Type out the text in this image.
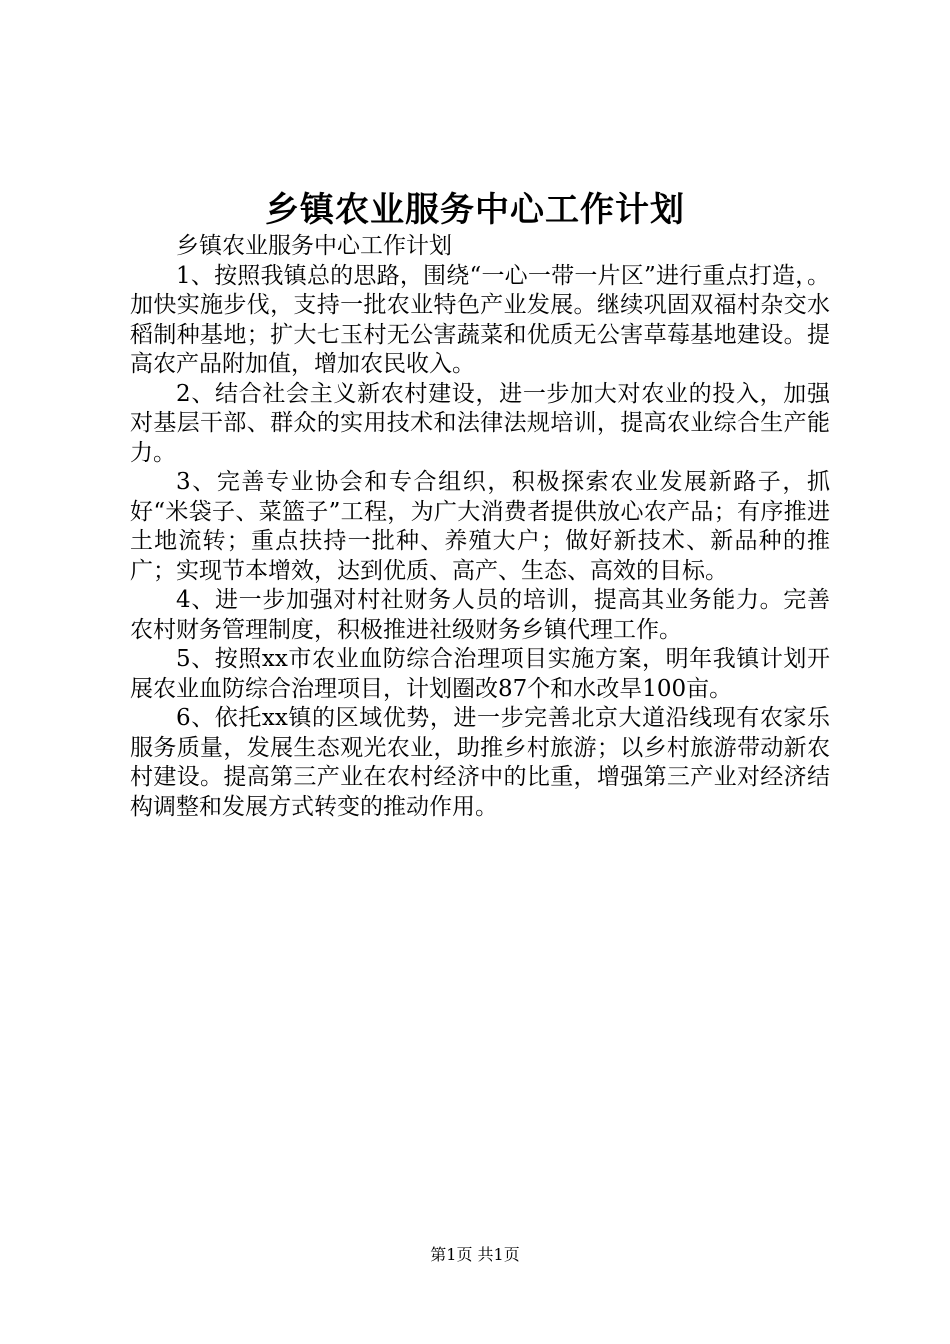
乡镇农业服务中心工作计划

乡镇农业服务中心工作计划

1、按照我镇总的思路，围绕“一心一带一片区”进行重点打造，。加快实施步伐，支持一批农业特色产业发展。继续巩固双福村杂交水稻制种基地；扩大七玉村无公害蔬菜和优质无公害草莓基地建设。提高农产品附加值，增加农民收入。

2、结合社会主义新农村建设，进一步加大对农业的投入，加强对基层干部、群众的实用技术和法律法规培训，提高农业综合生产能力。

3、完善专业协会和专合组织，积极探索农业发展新路子，抓好“米袋子、菜篮子”工程，为广大消费者提供放心农产品；有序推进土地流转；重点扶持一批种、养殖大户；做好新技术、新品种的推广；实现节本增效，达到优质、高产、生态、高效的目标。

4、进一步加强对村社财务人员的培训，提高其业务能力。完善农村财务管理制度，积极推进社级财务乡镇代理工作。

5、按照xx市农业血防综合治理项目实施方案，明年我镇计划开展农业血防综合治理项目，计划圈改87个和水改旱100亩。

6、依托xx镇的区域优势，进一步完善北京大道沿线现有农家乐服务质量，发展生态观光农业，助推乡村旅游；以乡村旅游带动新农村建设。提高第三产业在农村经济中的比重，增强第三产业对经济结构调整和发展方式转变的推动作用。

第1页 共1页
